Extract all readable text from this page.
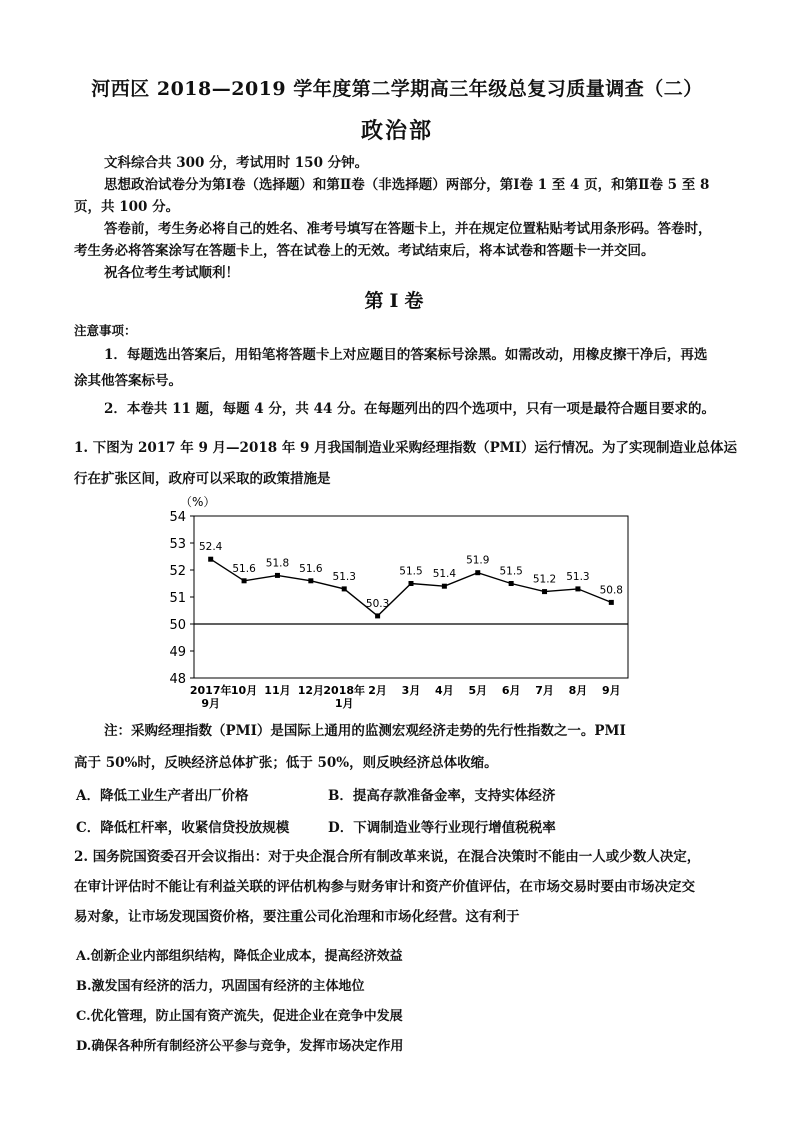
河西区 2018—2019 学年度第二学期高三年级总复习质量调查（二）
政治部
文科综合共 300 分，考试用时 150 分钟。
思想政治试卷分为第Ⅰ卷（选择题）和第Ⅱ卷（非选择题）两部分，第Ⅰ卷 1 至 4 页，和第Ⅱ卷 5 至 8
页，共 100 分。
答卷前，考生务必将自己的姓名、准考号填写在答题卡上，并在规定位置粘贴考试用条形码。答卷时，
考生务必将答案涂写在答题卡上，答在试卷上的无效。考试结束后，将本试卷和答题卡一并交回。
祝各位考生考试顺利！
第Ⅰ卷
注意事项：
1．每题选出答案后，用铅笔将答题卡上对应题目的答案标号涂黑。如需改动，用橡皮擦干净后，再选
涂其他答案标号。
2．本卷共 11 题，每题 4 分，共 44 分。在每题列出的四个选项中，只有一项是最符合题目要求的。
1. 下图为 2017 年 9 月—2018 年 9 月我国制造业采购经理指数（PMI）运行情况。为了实现制造业总体运
行在扩张区间，政府可以采取的政策措施是
（%）
48
49
50
51
52
53
54
2017年
9月
10月 11月 12月 2018年
1月
2月 3月 4月 5月 6月 7月 8月 9月
52.4
51.6 51.8 51.6
51.3
50.3
51.5 51.4
51.9
51.5
51.2 51.3
50.8
注：采购经理指数（PMI）是国际上通用的监测宏观经济走势的先行性指数之一。PMI
高于 50%时，反映经济总体扩张；低于 50%，则反映经济总体收缩。
A．降低工业生产者出厂价格	B．提高存款准备金率，支持实体经济
C．降低杠杆率，收紧信贷投放规模	D．下调制造业等行业现行增值税税率
2. 国务院国资委召开会议指出：对于央企混合所有制改革来说，在混合决策时不能由一人或少数人决定，
在审计评估时不能让有利益关联的评估机构参与财务审计和资产价值评估，在市场交易时要由市场决定交
易对象，让市场发现国资价格，要注重公司化治理和市场化经营。这有利于
A.创新企业内部组织结构，降低企业成本，提高经济效益
B.激发国有经济的活力，巩固国有经济的主体地位
C.优化管理，防止国有资产流失，促进企业在竞争中发展
D.确保各种所有制经济公平参与竞争，发挥市场决定作用
